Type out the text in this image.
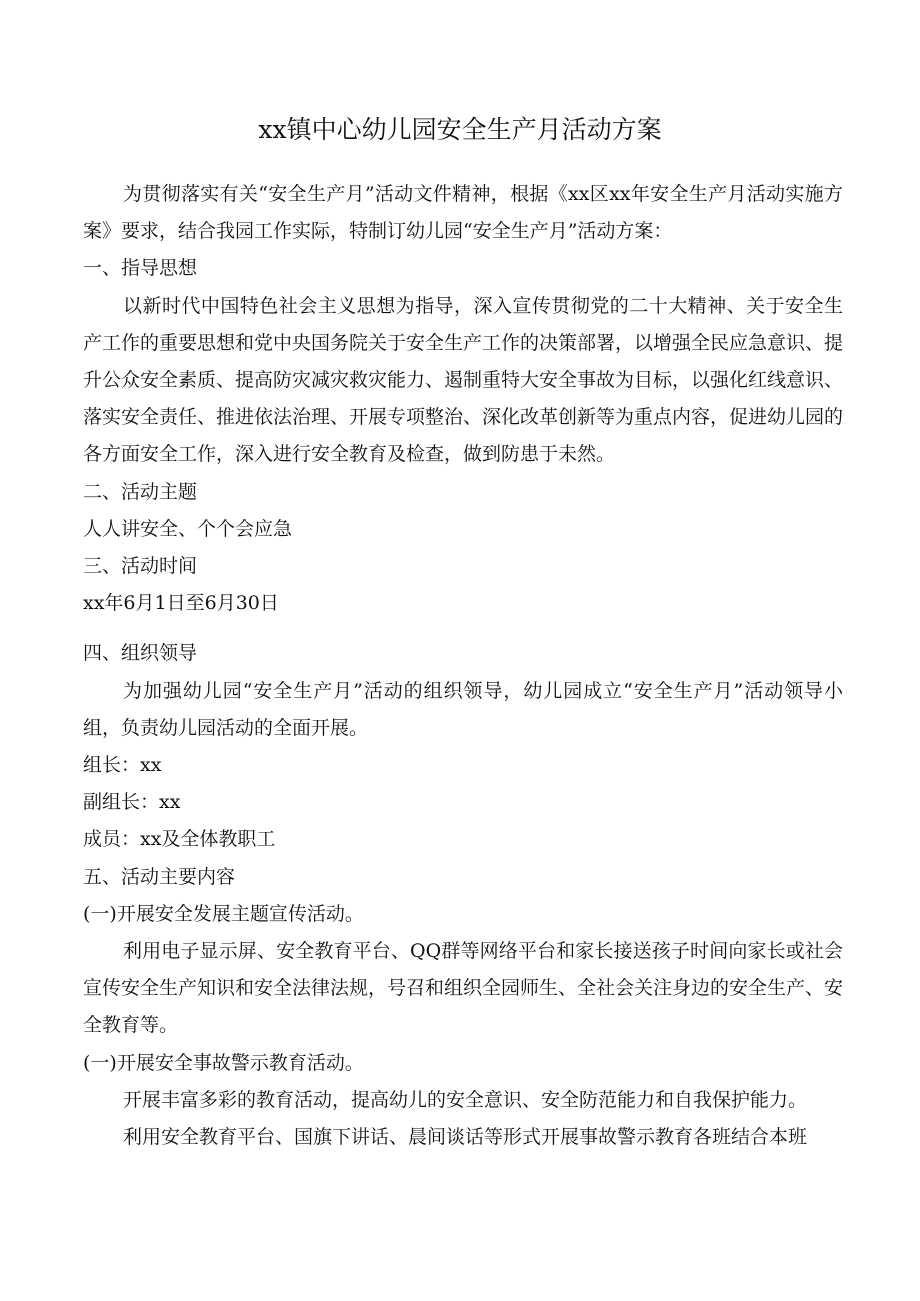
xx镇中心幼儿园安全生产月活动方案

为贯彻落实有关“安全生产月”活动文件精神，根据《xx区xx年安全生产月活动实施方案》要求，结合我园工作实际，特制订幼儿园“安全生产月”活动方案：

一、指导思想

以新时代中国特色社会主义思想为指导，深入宣传贯彻党的二十大精神、关于安全生产工作的重要思想和党中央国务院关于安全生产工作的决策部署，以增强全民应急意识、提升公众安全素质、提高防灾减灾救灾能力、遏制重特大安全事故为目标，以强化红线意识、落实安全责任、推进依法治理、开展专项整治、深化改革创新等为重点内容，促进幼儿园的各方面安全工作，深入进行安全教育及检查，做到防患于未然。

二、活动主题

人人讲安全、个个会应急

三、活动时间

xx年6月1日至6月30日

四、组织领导

为加强幼儿园“安全生产月”活动的组织领导，幼儿园成立“安全生产月”活动领导小组，负责幼儿园活动的全面开展。

组长：xx

副组长：xx

成员：xx及全体教职工

五、活动主要内容

(一)开展安全发展主题宣传活动。

利用电子显示屏、安全教育平台、QQ群等网络平台和家长接送孩子时间向家长或社会宣传安全生产知识和安全法律法规，号召和组织全园师生、全社会关注身边的安全生产、安全教育等。

(一)开展安全事故警示教育活动。

开展丰富多彩的教育活动，提高幼儿的安全意识、安全防范能力和自我保护能力。

利用安全教育平台、国旗下讲话、晨间谈话等形式开展事故警示教育各班结合本班
